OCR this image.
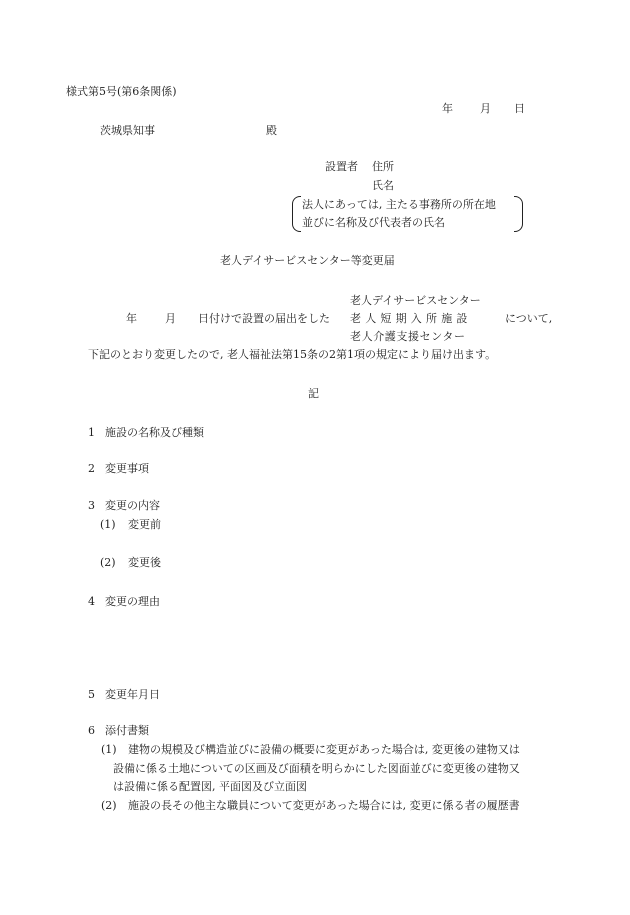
様式第5号(第6条関係)
年 月 日
茨城県知事	殿
設置者 住所
氏名
法人にあっては, 主たる事務所の所在地
並びに名称及び代表者の氏名
老人デイサービスセンター等変更届
老人デイサービスセンター
年	月 日付けで設置の届出をした 老人短期入所施設	について,
老人介護支援センター
下記のとおり変更したので, 老人福祉法第15条の2第1項の規定により届け出ます。
記
1 施設の名称及び種類
2 変更事項
3 変更の内容
(1) 変更前
(2) 変更後
4 変更の理由
5 変更年月日
6 添付書類
(1) 建物の規模及び構造並びに設備の概要に変更があった場合は, 変更後の建物又は
設備に係る土地についての区画及び面積を明らかにした図面並びに変更後の建物又
は設備に係る配置図, 平面図及び立面図
(2) 施設の長その他主な職員について変更があった場合には, 変更に係る者の履歴書
